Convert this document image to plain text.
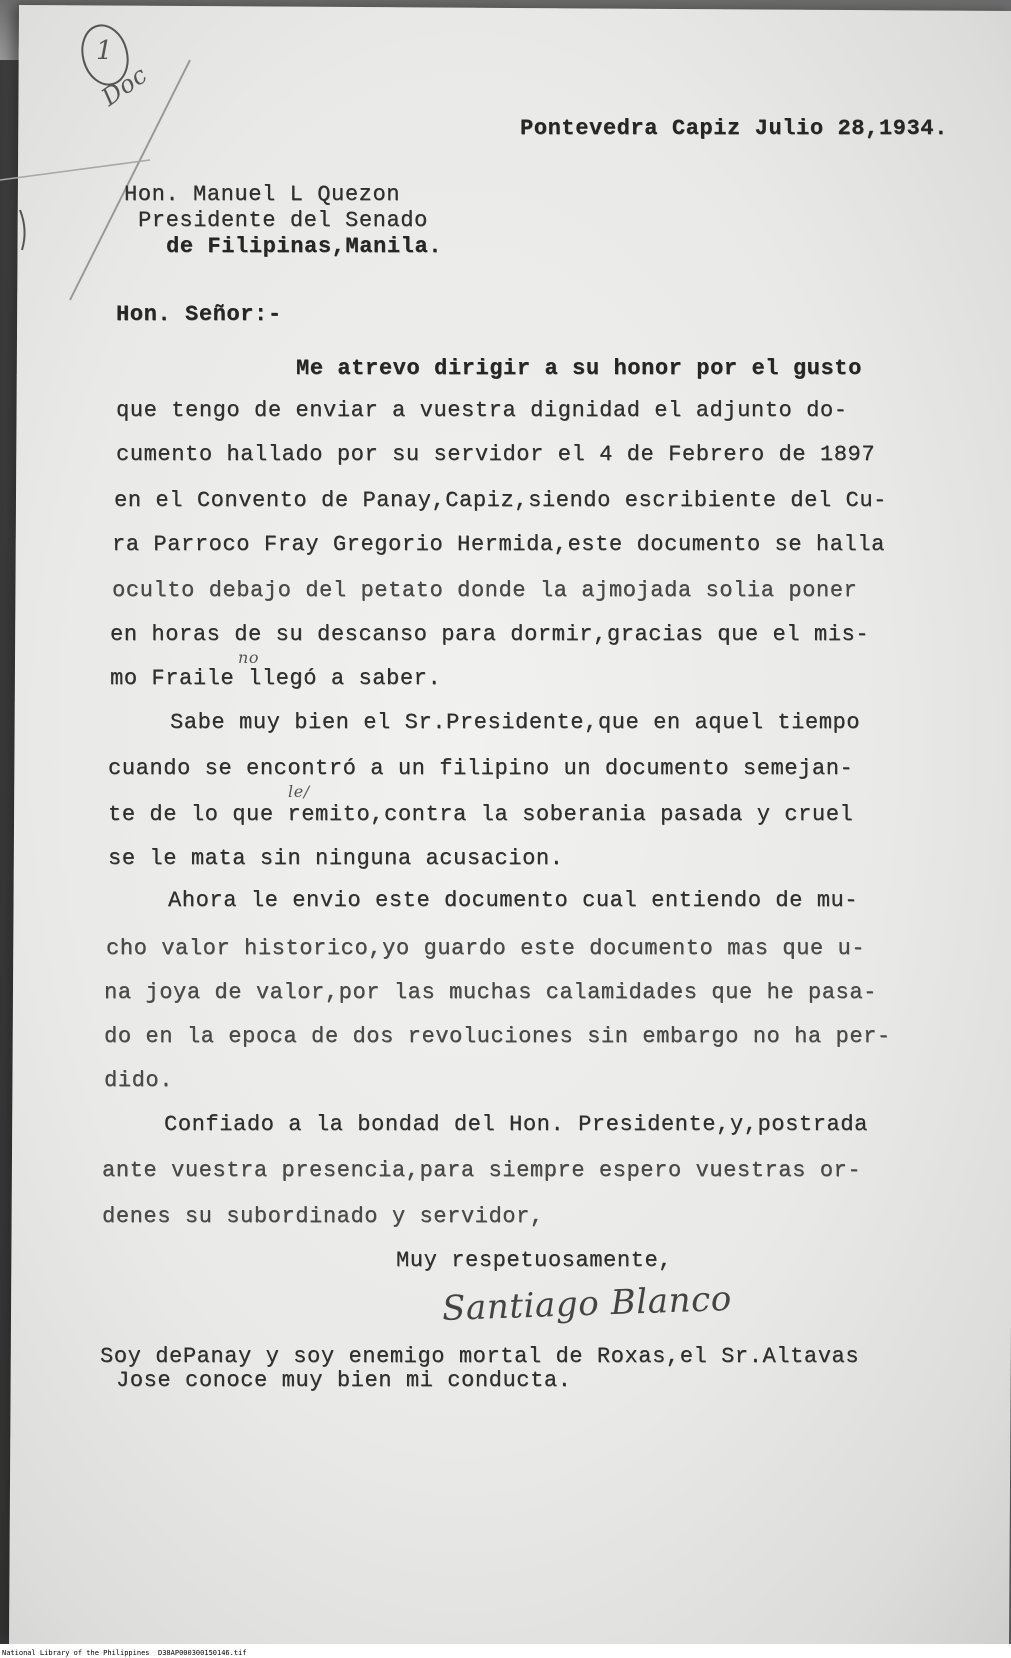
1
Doc
Pontevedra Capiz Julio 28,1934.
Hon. Manuel L Quezon
Presidente del Senado
de Filipinas,Manila.
Hon. Señor:-
Me atrevo dirigir a su honor por el gusto
que tengo de enviar a vuestra dignidad el adjunto do-
cumento hallado por su servidor el 4 de Febrero de 1897
en el Convento de Panay,Capiz,siendo escribiente del Cu-
ra Parroco Fray Gregorio Hermida,este documento se halla
oculto debajo del petato donde la ajmojada solia poner
en horas de su descanso para dormir,gracias que el mis-
mo Fraile llegó a saber.
no
Sabe muy bien el Sr.Presidente,que en aquel tiempo
cuando se encontró a un filipino un documento semejan-
le/
te de lo que remito,contra la soberania pasada y cruel
se le mata sin ninguna acusacion.
Ahora le envio este documento cual entiendo de mu-
cho valor historico,yo guardo este documento mas que u-
na joya de valor,por las muchas calamidades que he pasa-
do en la epoca de dos revoluciones sin embargo no ha per-
dido.
Confiado a la bondad del Hon. Presidente,y,postrada
ante vuestra presencia,para siempre espero vuestras or-
denes su subordinado y servidor,
Muy respetuosamente,
Santiago Blanco
Soy dePanay y soy enemigo mortal de Roxas,el Sr.Altavas
Jose conoce muy bien mi conducta.
National Library of the Philippines D38AP000300150146.tif
